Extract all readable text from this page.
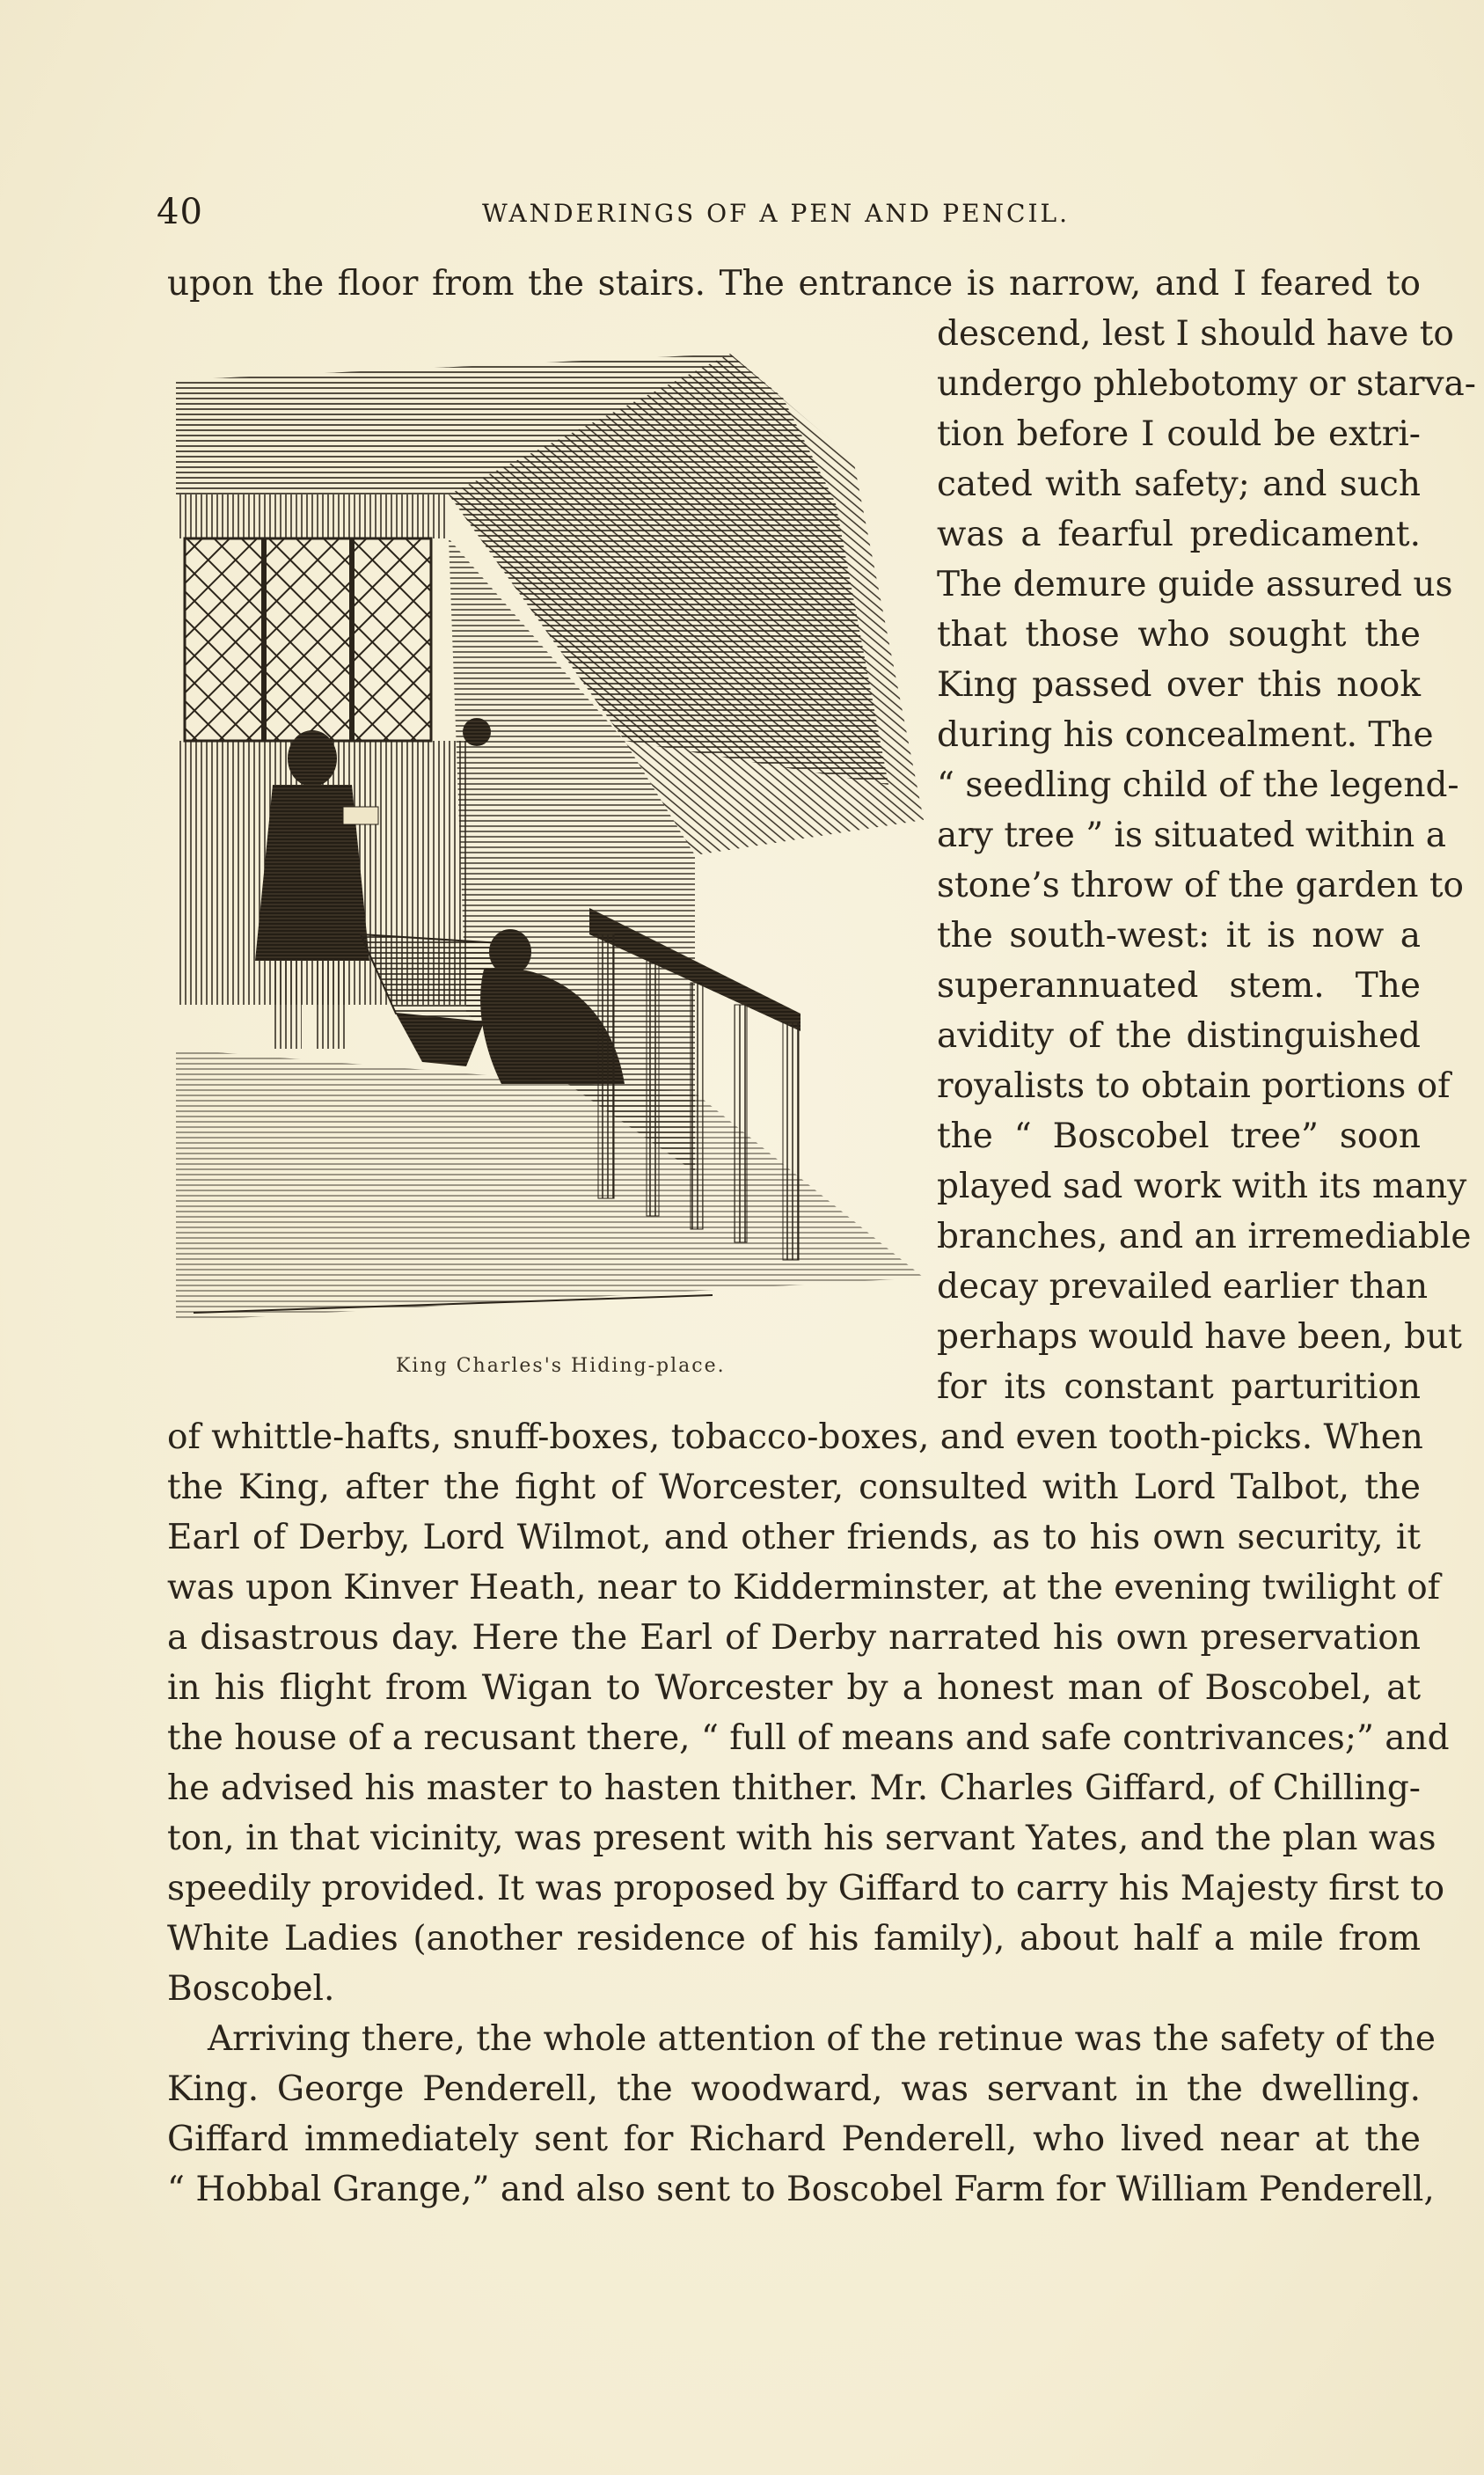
40	WANDERINGS OF A PEN AND PENCIL.
upon the floor from the stairs. The entrance is narrow, and I feared to
King Charles's Hiding-place.
descend, lest I should have to
undergo phlebotomy or starva-
tion before I could be extri-
cated with safety; and such
was a fearful predicament.
The demure guide assured us
that those who sought the
King passed over this nook
during his concealment. The
“ seedling child of the legend-
ary tree ” is situated within a
stone’s throw of the garden to
the south-west: it is now a
superannuated stem. The
avidity of the distinguished
royalists to obtain portions of
the “ Boscobel tree” soon
played sad work with its many
branches, and an irremediable
decay prevailed earlier than
perhaps would have been, but
for its constant parturition
of whittle-hafts, snuff-boxes, tobacco-boxes, and even tooth-picks. When
the King, after the fight of Worcester, consulted with Lord Talbot, the
Earl of Derby, Lord Wilmot, and other friends, as to his own security, it
was upon Kinver Heath, near to Kidderminster, at the evening twilight of
a disastrous day. Here the Earl of Derby narrated his own preservation
in his flight from Wigan to Worcester by a honest man of Boscobel, at
the house of a recusant there, “ full of means and safe contrivances;” and
he advised his master to hasten thither. Mr. Charles Giffard, of Chilling-
ton, in that vicinity, was present with his servant Yates, and the plan was
speedily provided. It was proposed by Giffard to carry his Majesty first to
White Ladies (another residence of his family), about half a mile from
Boscobel.
Arriving there, the whole attention of the retinue was the safety of the
King. George Penderell, the woodward, was servant in the dwelling.
Giffard immediately sent for Richard Penderell, who lived near at the
“ Hobbal Grange,” and also sent to Boscobel Farm for William Penderell,
